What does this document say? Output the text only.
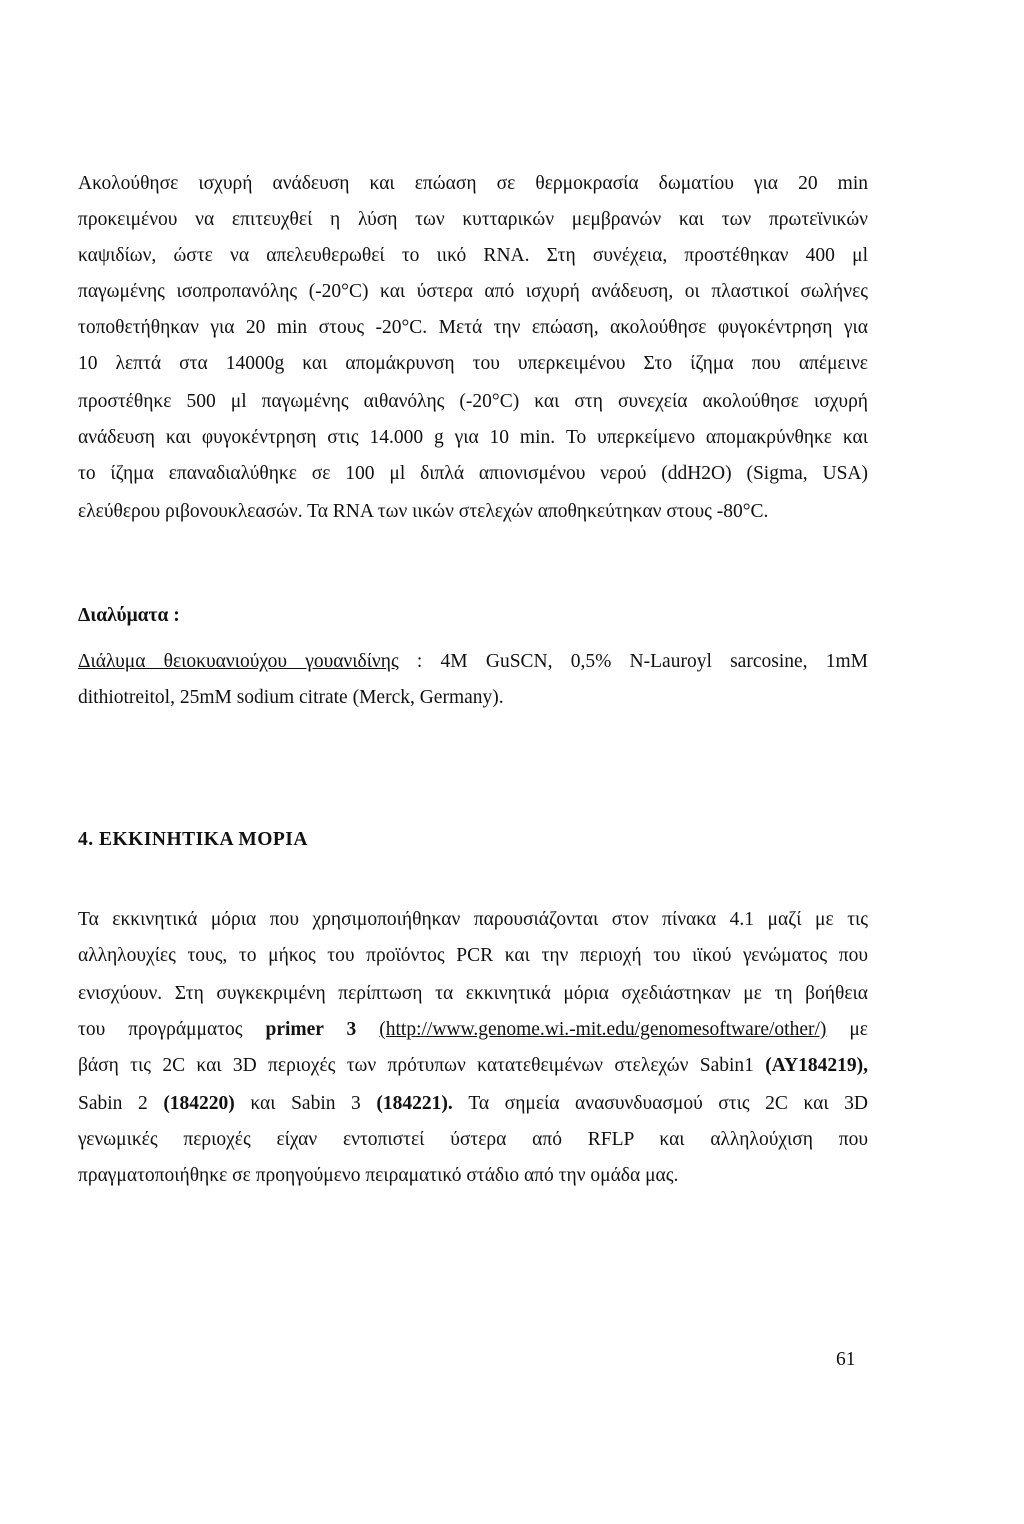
Ακολούθησε ισχυρή ανάδευση και επώαση σε θερμοκρασία δωματίου για 20 min
προκειμένου να επιτευχθεί η λύση των κυτταρικών μεμβρανών και των πρωτεϊνικών
καψιδίων, ώστε να απελευθερωθεί το ιικό RNA. Στη συνέχεια, προστέθηκαν 400 μl
παγωμένης ισοπροπανόλης (-20°C) και ύστερα από ισχυρή ανάδευση, οι πλαστικοί σωλήνες
τοποθετήθηκαν για 20 min στους -20°C. Μετά την επώαση, ακολούθησε φυγοκέντρηση για
10 λεπτά στα 14000g και απομάκρυνση του υπερκειμένου Στο ίζημα που απέμεινε
προστέθηκε 500 μl παγωμένης αιθανόλης (-20°C) και στη συνεχεία ακολούθησε ισχυρή
ανάδευση και φυγοκέντρηση στις 14.000 g για 10 min. Το υπερκείμενο απομακρύνθηκε και
το ίζημα επαναδιαλύθηκε σε 100 μl διπλά απιονισμένου νερού (ddH2O) (Sigma, USA)
ελεύθερου ριβονουκλεασών. Τα RNA των ιικών στελεχών αποθηκεύτηκαν στους -80°C.
Διαλύματα :
Διάλυμα θειοκυανιούχου γουανιδίνης : 4M GuSCN, 0,5% N-Lauroyl sarcosine, 1mM
dithiotreitol, 25mM sodium citrate (Merck, Germany).
4. ΕΚΚΙΝΗΤΙΚΑ ΜΟΡΙΑ
Τα εκκινητικά μόρια που χρησιμοποιήθηκαν παρουσιάζονται στον πίνακα 4.1 μαζί με τις
αλληλουχίες τους, το μήκος του προϊόντος PCR και την περιοχή του ιϊκού γενώματος που
ενισχύουν. Στη συγκεκριμένη περίπτωση τα εκκινητικά μόρια σχεδιάστηκαν με τη βοήθεια
του προγράμματος primer 3 (http://www.genome.wi.-mit.edu/genomesoftware/other/) με
βάση τις 2C και 3D περιοχές των πρότυπων κατατεθειμένων στελεχών Sabin1 (AY184219),
Sabin 2 (184220) και Sabin 3 (184221). Τα σημεία ανασυνδυασμού στις 2C και 3D
γενωμικές περιοχές είχαν εντοπιστεί ύστερα από RFLP και αλληλούχιση που
πραγματοποιήθηκε σε προηγούμενο πειραματικό στάδιο από την ομάδα μας.
61
